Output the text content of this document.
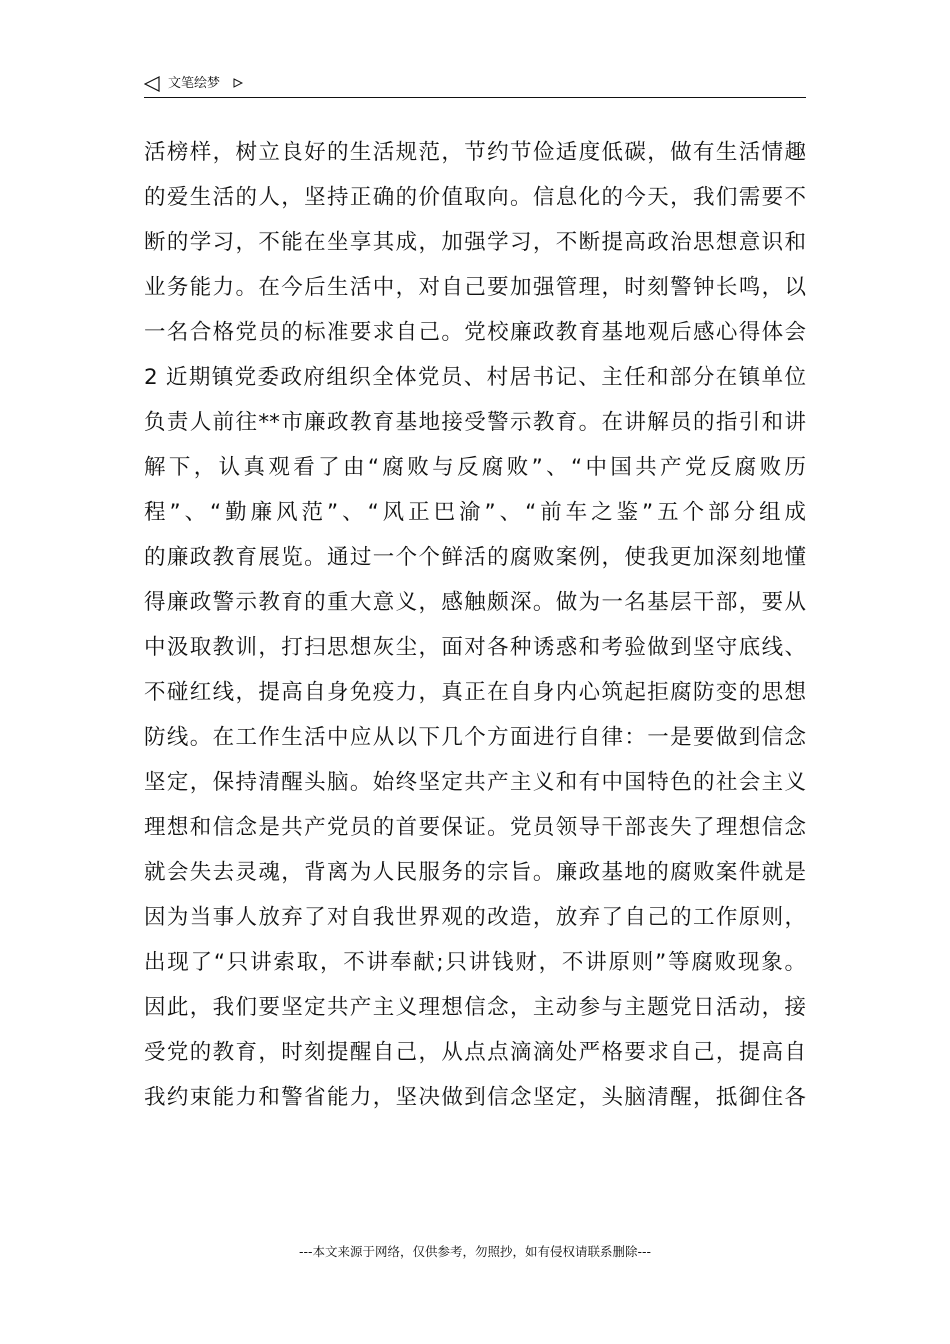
文笔绘梦
活榜样，树立良好的生活规范，节约节俭适度低碳，做有生活情趣
的爱生活的人，坚持正确的价值取向。信息化的今天，我们需要不
断的学习，不能在坐享其成，加强学习，不断提高政治思想意识和
业务能力。在今后生活中，对自己要加强管理，时刻警钟长鸣，以
一名合格党员的标准要求自己。党校廉政教育基地观后感心得体会
2 近期镇党委政府组织全体党员、村居书记、主任和部分在镇单位
负责人前往**市廉政教育基地接受警示教育。在讲解员的指引和讲
解下，认真观看了由“腐败与反腐败”、“中国共产党反腐败历
程”、“勤廉风范”、“风正巴渝”、“前车之鉴”五个部分组成
的廉政教育展览。通过一个个鲜活的腐败案例，使我更加深刻地懂
得廉政警示教育的重大意义，感触颇深。做为一名基层干部，要从
中汲取教训，打扫思想灰尘，面对各种诱惑和考验做到坚守底线、
不碰红线，提高自身免疫力，真正在自身内心筑起拒腐防变的思想
防线。在工作生活中应从以下几个方面进行自律：一是要做到信念
坚定，保持清醒头脑。始终坚定共产主义和有中国特色的社会主义
理想和信念是共产党员的首要保证。党员领导干部丧失了理想信念
就会失去灵魂，背离为人民服务的宗旨。廉政基地的腐败案件就是
因为当事人放弃了对自我世界观的改造，放弃了自己的工作原则，
出现了“只讲索取，不讲奉献;只讲钱财，不讲原则”等腐败现象。
因此，我们要坚定共产主义理想信念，主动参与主题党日活动，接
受党的教育，时刻提醒自己，从点点滴滴处严格要求自己，提高自
我约束能力和警省能力，坚决做到信念坚定，头脑清醒，抵御住各
---本文来源于网络，仅供参考，勿照抄，如有侵权请联系删除---
